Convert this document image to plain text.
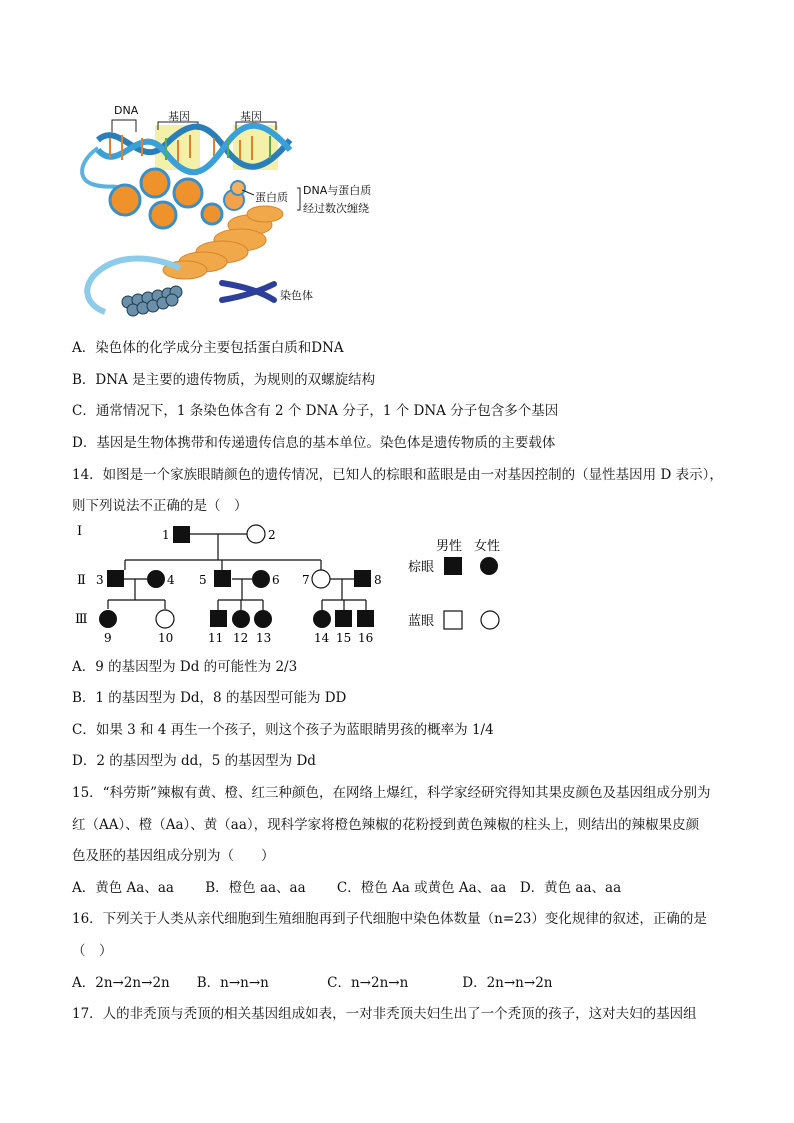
DNA	基因	基因
蛋白质
DNA与蛋白质
经过数次缠绕
染色体
A．染色体的化学成分主要包括蛋白质和DNA
B．DNA 是主要的遗传物质，为规则的双螺旋结构
C．通常情况下，1 条染色体含有 2 个 DNA 分子，1 个 DNA 分子包含多个基因
D．基因是生物体携带和传递遗传信息的基本单位。染色体是遗传物质的主要载体
14．如图是一个家族眼睛颜色的遗传情况，已知人的棕眼和蓝眼是由一对基因控制的（显性基因用 D 表示），
则下列说法不正确的是（　）
Ⅰ
Ⅱ
Ⅲ
1	2
3	4 5	6 7	8
9	10	11 12 13	14 15 16
男性 女性
棕眼
蓝眼
A．9 的基因型为 Dd 的可能性为 2/3
B．1 的基因型为 Dd，8 的基因型可能为 DD
C．如果 3 和 4 再生一个孩子，则这个孩子为蓝眼睛男孩的概率为 1/4
D．2 的基因型为 dd，5 的基因型为 Dd
15．“科劳斯”辣椒有黄、橙、红三种颜色，在网络上爆红，科学家经研究得知其果皮颜色及基因组成分别为
红（AA）、橙（Aa）、黄（aa），现科学家将橙色辣椒的花粉授到黄色辣椒的柱头上，则结出的辣椒果皮颜
色及胚的基因组成分别为（　　）
A．黄色 Aa、aa　　 B．橙色 aa、aa　　 C．橙色 Aa 或黄色 Aa、aa　D．黄色 aa、aa
16．下列关于人类从亲代细胞到生殖细胞再到子代细胞中染色体数量（n=23）变化规律的叙述，正确的是
（　）
A．2n→2n→2n　　B．n→n→n　　　　 C．n→2n→n　　　　D．2n→n→2n
17．人的非秃顶与秃顶的相关基因组成如表，一对非秃顶夫妇生出了一个秃顶的孩子，这对夫妇的基因组
